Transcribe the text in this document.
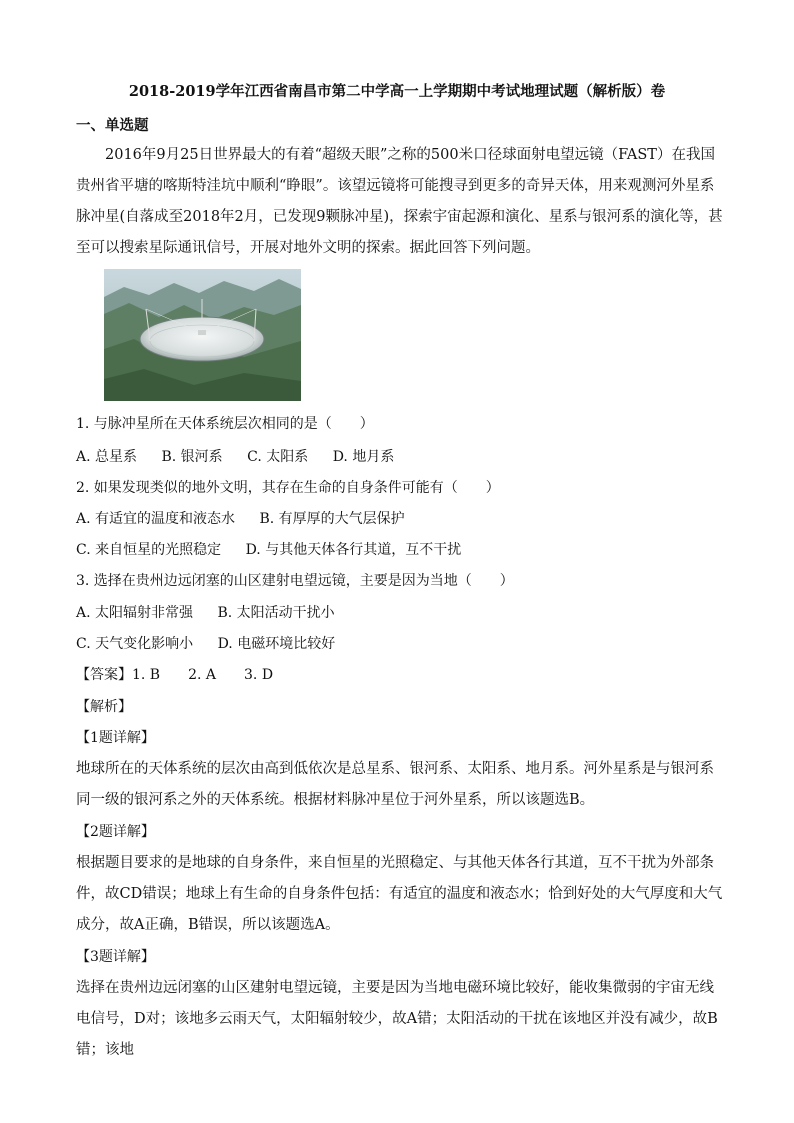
2018-2019学年江西省南昌市第二中学高一上学期期中考试地理试题（解析版）卷
一、单选题
2016年9月25日世界最大的有着“超级天眼”之称的500米口径球面射电望远镜（FAST）在我国贵州省平塘的喀斯特洼坑中顺利“睁眼”。该望远镜将可能搜寻到更多的奇异天体，用来观测河外星系脉冲星(自落成至2018年2月，已发现9颗脉冲星)，探索宇宙起源和演化、星系与银河系的演化等，甚至可以搜索星际通讯信号，开展对地外文明的探索。据此回答下列问题。
1. 与脉冲星所在天体系统层次相同的是（　　）
A. 总星系 B. 银河系 C. 太阳系 D. 地月系
2. 如果发现类似的地外文明，其存在生命的自身条件可能有（　　）
A. 有适宜的温度和液态水 B. 有厚厚的大气层保护
C. 来自恒星的光照稳定 D. 与其他天体各行其道，互不干扰
3. 选择在贵州边远闭塞的山区建射电望远镜，主要是因为当地（　　）
A. 太阳辐射非常强 B. 太阳活动干扰小
C. 天气变化影响小 D. 电磁环境比较好
【答案】1. B　　2. A　　3. D
【解析】
【1题详解】
地球所在的天体系统的层次由高到低依次是总星系、银河系、太阳系、地月系。河外星系是与银河系同一级的银河系之外的天体系统。根据材料脉冲星位于河外星系，所以该题选B。
【2题详解】
根据题目要求的是地球的自身条件，来自恒星的光照稳定、与其他天体各行其道，互不干扰为外部条件，故CD错误；地球上有生命的自身条件包括：有适宜的温度和液态水；恰到好处的大气厚度和大气成分，故A正确，B错误，所以该题选A。
【3题详解】
选择在贵州边远闭塞的山区建射电望远镜，主要是因为当地电磁环境比较好，能收集微弱的宇宙无线电信号，D对；该地多云雨天气，太阳辐射较少，故A错；太阳活动的干扰在该地区并没有减少，故B错；该地
